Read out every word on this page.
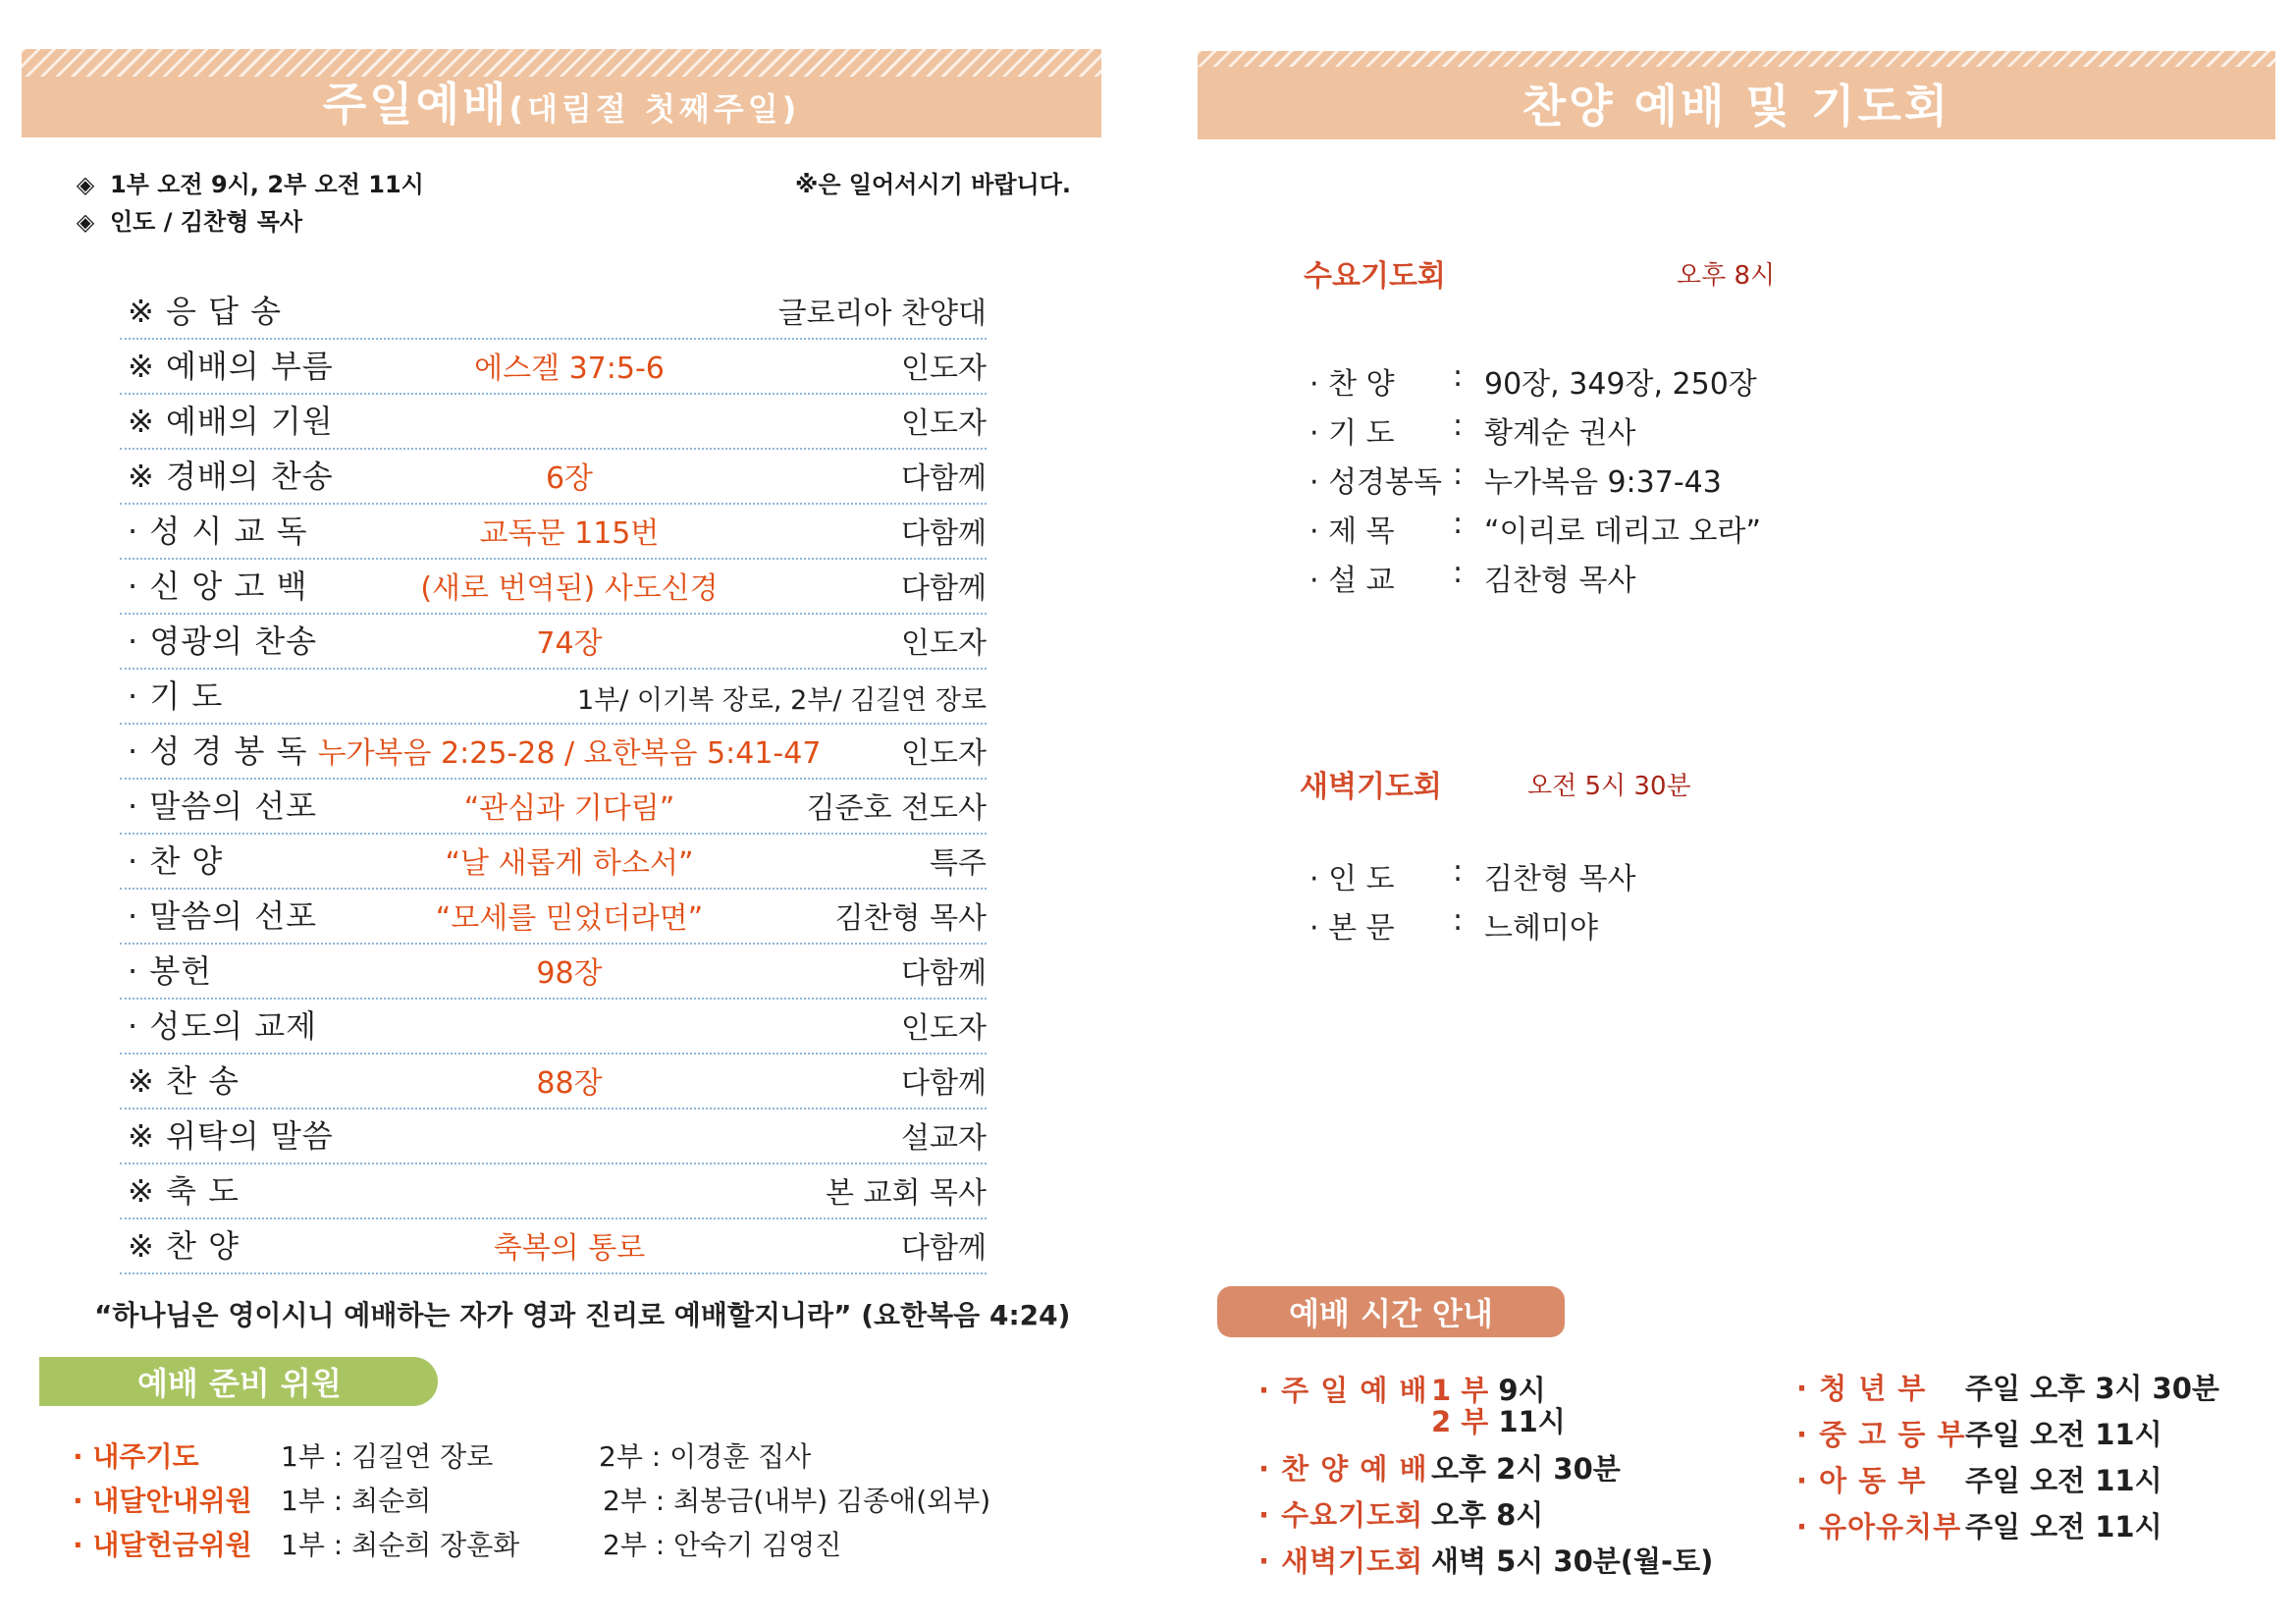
주일예배(대림절 첫째주일)
◈ 1부 오전 9시, 2부 오전 11시
◈ 인도 / 김찬형 목사
※은 일어서시기 바랍니다.
※ 응 답 송	글로리아 찬양대
※ 예배의 부름	에스겔 37:5-6	인도자
※ 예배의 기원	인도자
※ 경배의 찬송	6장	다함께
· 성 시 교 독	교독문 115번	다함께
· 신 앙 고 백	(새로 번역된) 사도신경	다함께
· 영광의 찬송	74장	인도자
· 기 도	1부/ 이기복 장로, 2부/ 김길연 장로
· 성 경 봉 독 누가복음 2:25-28 / 요한복음 5:41-47	인도자
· 말씀의 선포	“관심과 기다림”	김준호 전도사
· 찬 양	“날 새롭게 하소서”	특주
· 말씀의 선포	“모세를 믿었더라면”	김찬형 목사
· 봉헌	98장	다함께
· 성도의 교제	인도자
※ 찬 송	88장	다함께
※ 위탁의 말씀	설교자
※ 축 도	본 교회 목사
※ 찬 양	축복의 통로	다함께
“하나님은 영이시니 예배하는 자가 영과 진리로 예배할지니라” (요한복음 4:24)
예배 준비 위원
· 내주기도	1부 : 김길연 장로	2부 : 이경훈 집사
· 내달안내위원 1부 : 최순희	2부 : 최봉금(내부) 김종애(외부)
· 내달헌금위원 1부 : 최순희 장훈화	2부 : 안숙기 김영진
찬양 예배 및 기도회
수요기도회	오후 8시
· 찬 양 : 90장, 349장, 250장
· 기 도 : 황계순 권사
· 성경봉독 : 누가복음 9:37-43
· 제 목 : “이리로 데리고 오라”
· 설 교 : 김찬형 목사
새벽기도회	오전 5시 30분
· 인 도 : 김찬형 목사
· 본 문 : 느헤미야
예배 시간 안내
· 주 일 예 배 1 부 9시
2 부 11시
· 찬 양 예 배 오후 2시 30분
· 수요기도회 오후 8시
· 새벽기도회 새벽 5시 30분(월-토)
· 청 년 부 주일 오후 3시 30분
· 중 고 등 부 주일 오전 11시
· 아 동 부 주일 오전 11시
· 유아유치부 주일 오전 11시
